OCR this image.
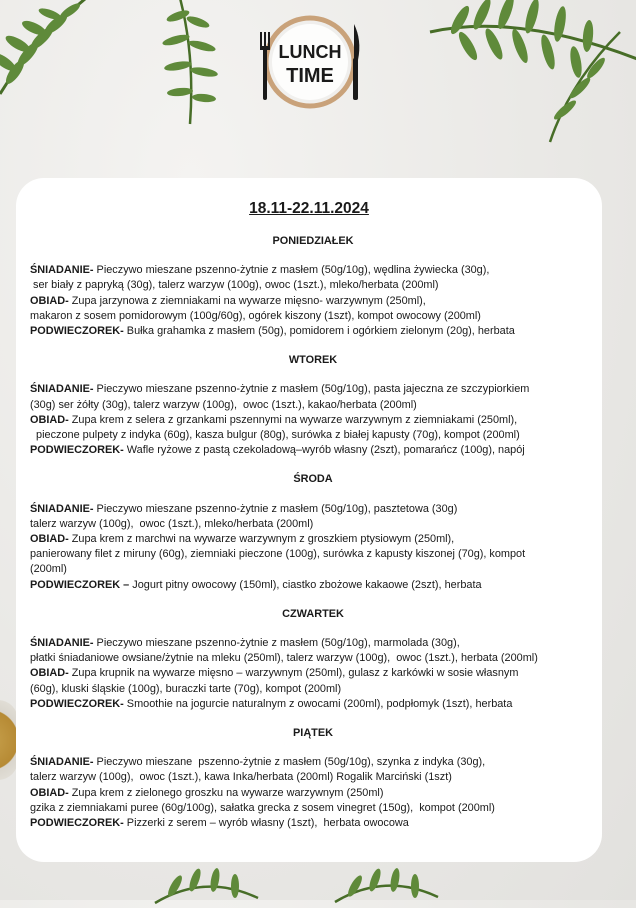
LUNCH
TIME
18.11-22.11.2024
PONIEDZIAŁEK
ŚNIADANIE- Pieczywo mieszane pszenno-żytnie z masłem (50g/10g), wędlina żywiecka (30g),
ser biały z papryką (30g), talerz warzyw (100g), owoc (1szt.), mleko/herbata (200ml)
OBIAD- Zupa jarzynowa z ziemniakami na wywarze mięsno- warzywnym (250ml),
makaron z sosem pomidorowym (100g/60g), ogórek kiszony (1szt), kompot owocowy (200ml)
PODWIECZOREK- Bułka grahamka z masłem (50g), pomidorem i ogórkiem zielonym (20g), herbata
WTOREK
ŚNIADANIE- Pieczywo mieszane pszenno-żytnie z masłem (50g/10g), pasta jajeczna ze szczypiorkiem
(30g) ser żółty (30g), talerz warzyw (100g),  owoc (1szt.), kakao/herbata (200ml)
OBIAD- Zupa krem z selera z grzankami pszennymi na wywarze warzywnym z ziemniakami (250ml),
pieczone pulpety z indyka (60g), kasza bulgur (80g), surówka z białej kapusty (70g), kompot (200ml)
PODWIECZOREK- Wafle ryżowe z pastą czekoladową–wyrób własny (2szt), pomarańcz (100g), napój
ŚRODA
ŚNIADANIE- Pieczywo mieszane pszenno-żytnie z masłem (50g/10g), pasztetowa (30g)
talerz warzyw (100g),  owoc (1szt.), mleko/herbata (200ml)
OBIAD- Zupa krem z marchwi na wywarze warzywnym z groszkiem ptysiowym (250ml),
panierowany filet z miruny (60g), ziemniaki pieczone (100g), surówka z kapusty kiszonej (70g), kompot
(200ml)
PODWIECZOREK – Jogurt pitny owocowy (150ml), ciastko zbożowe kakaowe (2szt), herbata
CZWARTEK
ŚNIADANIE- Pieczywo mieszane pszenno-żytnie z masłem (50g/10g), marmolada (30g),
płatki śniadaniowe owsiane/żytnie na mleku (250ml), talerz warzyw (100g),  owoc (1szt.), herbata (200ml)
OBIAD- Zupa krupnik na wywarze mięsno – warzywnym (250ml), gulasz z karkówki w sosie własnym
(60g), kluski śląskie (100g), buraczki tarte (70g), kompot (200ml)
PODWIECZOREK- Smoothie na jogurcie naturalnym z owocami (200ml), podpłomyk (1szt), herbata
PIĄTEK
ŚNIADANIE- Pieczywo mieszane  pszenno-żytnie z masłem (50g/10g), szynka z indyka (30g),
talerz warzyw (100g),  owoc (1szt.), kawa Inka/herbata (200ml) Rogalik Marciński (1szt)
OBIAD- Zupa krem z zielonego groszku na wywarze warzywnym (250ml)
gzika z ziemniakami puree (60g/100g), sałatka grecka z sosem vinegret (150g),  kompot (200ml)
PODWIECZOREK- Pizzerki z serem – wyrób własny (1szt),  herbata owocowa
